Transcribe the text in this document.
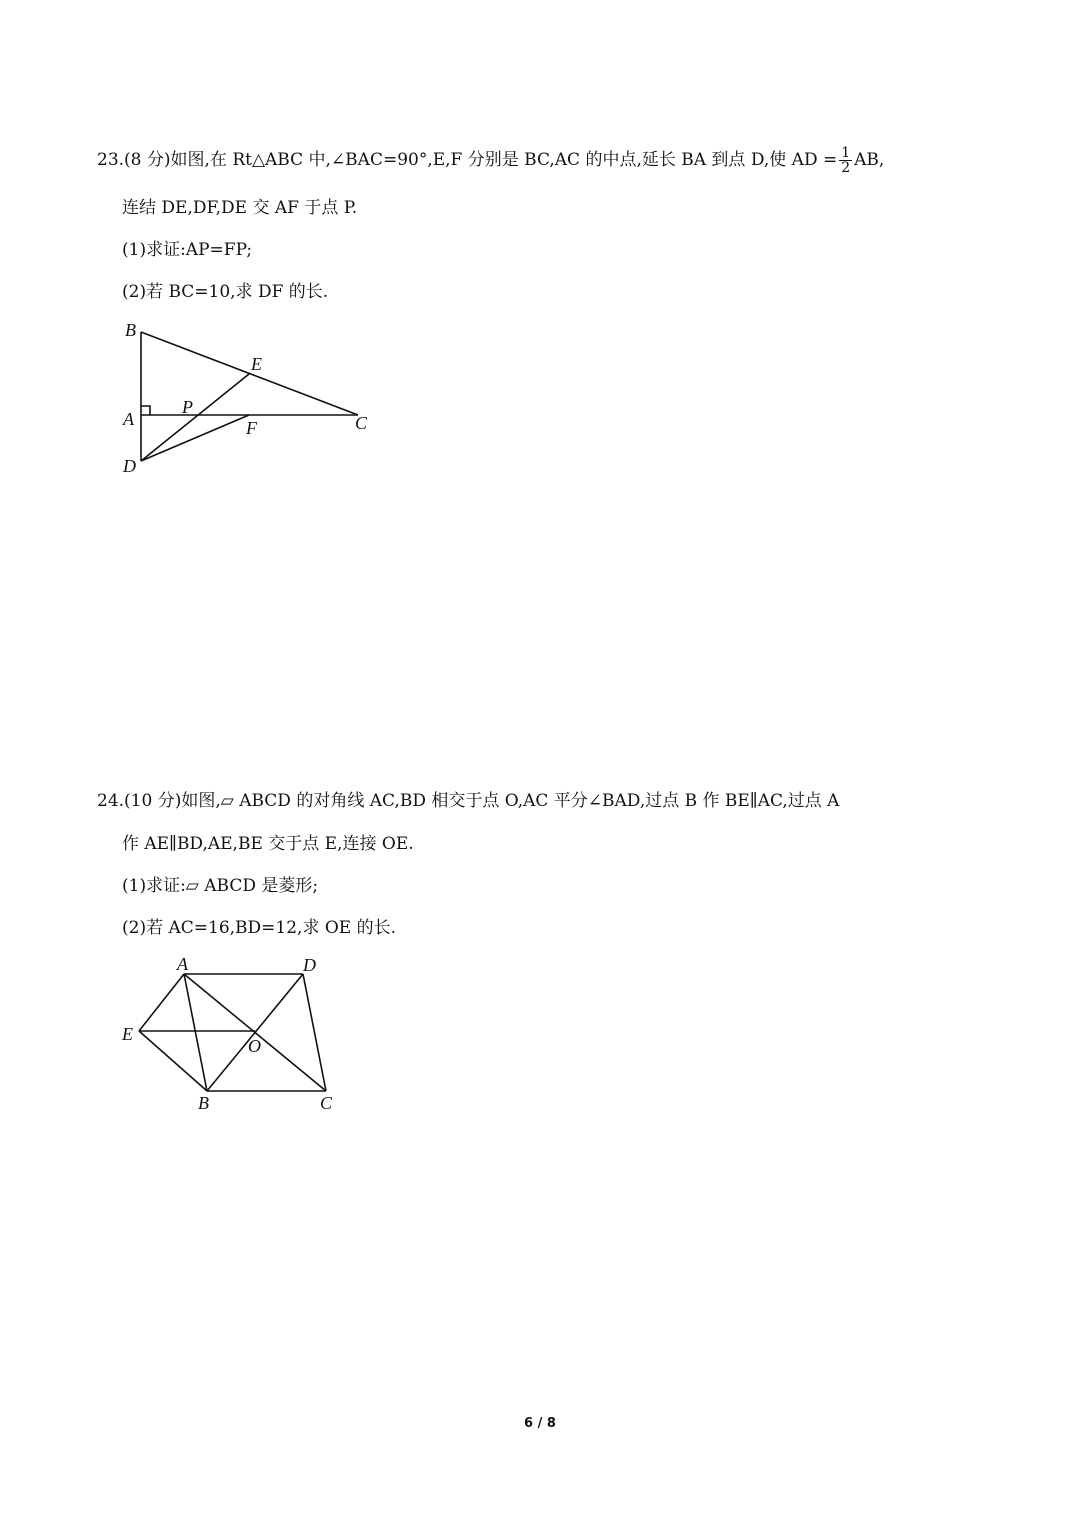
23.(8 分)如图,在 Rt△ABC 中,∠BAC=90°,E,F 分别是 BC,AC 的中点,延长 BA 到点 D,使 AD = $\frac{1}{2}$ AB,
连结 DE,DF,DE 交 AF 于点 P.
(1)求证:AP=FP;
(2)若 BC=10,求 DF 的长.
B
E
A
P
F	C
D
24.(10 分)如图,▱ ABCD 的对角线 AC,BD 相交于点 O,AC 平分∠BAD,过点 B 作 BE∥AC,过点 A
作 AE∥BD,AE,BE 交于点 E,连接 OE.
(1)求证:▱ ABCD 是菱形;
(2)若 AC=16,BD=12,求 OE 的长.
A	D
E
O
B	C
6 / 8
